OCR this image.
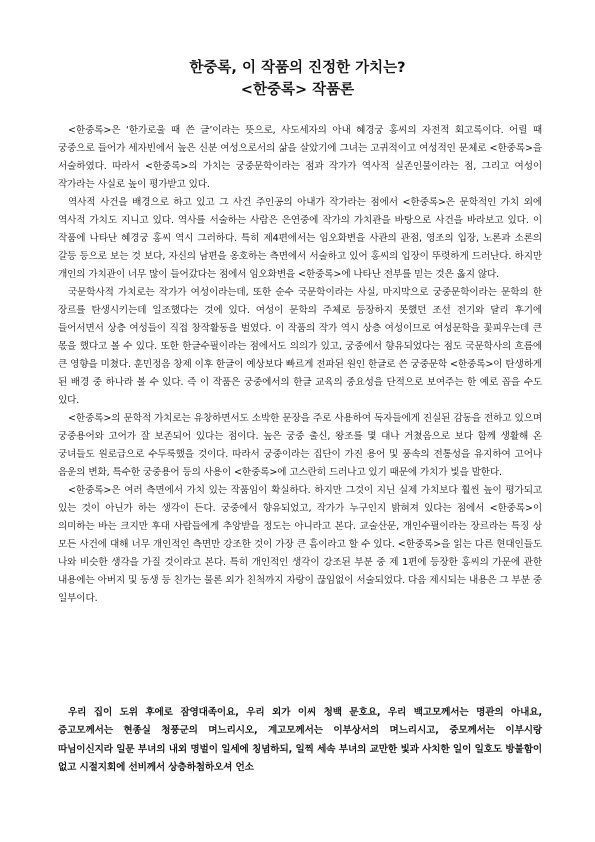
한중록, 이 작품의 진정한 가치는?
<한중록> 작품론

<한중록>은 ‘한가로울 때 쓴 글’이라는 뜻으로, 사도세자의 아내 혜경궁 홍씨의 자전적 회고록이다. 어릴 때 궁중으로 들어가 세자빈에서 높은 신분 여성으로서의 삶을 살았기에 그녀는 고귀적이고 여성적인 문체로 <한중록>을 서술하였다. 따라서 <한중록>의 가치는 궁중문학이라는 점과 작가가 역사적 실존인물이라는 점, 그리고 여성이 작가라는 사실로 높이 평가받고 있다.

역사적 사건을 배경으로 하고 있고 그 사건 주인공의 아내가 작가라는 점에서 <한중록>은 문학적인 가치 외에 역사적 가치도 지니고 있다. 역사를 서술하는 사람은 은연중에 작가의 가치관을 바탕으로 사건을 바라보고 있다. 이 작품에 나타난 혜경궁 홍씨 역시 그러하다. 특히 제4편에서는 임오화변을 사관의 관점, 영조의 입장, 노론과 소론의 갈등 등으로 보는 것 보다, 자신의 남편을 옹호하는 측면에서 서술하고 있어 홍씨의 입장이 뚜렷하게 드러난다. 하지만 개인의 가치관이 너무 많이 들어갔다는 점에서 임오화변을 <한중록>에 나타난 전부를 믿는 것은 옳지 않다.

국문학사적 가치로는 작가가 여성이라는데, 또한 순수 국문학이라는 사실, 마지막으로 궁중문학이라는 문학의 한 장르를 탄생시키는데 일조했다는 것에 있다. 여성이 문학의 주체로 등장하지 못했던 조선 전기와 달리 후기에 들어서면서 상층 여성들이 직접 창작활동을 벌였다. 이 작품의 작가 역시 상층 여성이므로 여성문학을 꽃피우는데 큰 몫을 했다고 볼 수 있다. 또한 한글수필이라는 점에서도 의의가 있고, 궁중에서 향유되었다는 점도 국문학사의 흐름에 큰 영향을 미쳤다. 훈민정음 창제 이후 한글이 예상보다 빠르게 전파된 원인 한글로 쓴 궁중문학 <한중록>이 탄생하게 된 배경 중 하나라 볼 수 있다. 즉 이 작품은 궁중에서의 한글 교육의 중요성을 단적으로 보여주는 한 예로 꼽을 수도 있다.

<한중록>의 문학적 가치로는 유창하면서도 소박한 문장을 주로 사용하여 독자들에게 진실된 감동을 전하고 있으며 궁중용어와 고어가 잘 보존되어 있다는 점이다. 높은 궁중 출신, 왕조를 몇 대나 거쳤음으로 보다 함께 생활해 온 궁녀들도 원로급으로 수두룩했을 것이다. 따라서 궁중이라는 집단이 가진 용어 및 풍속의 전통성을 유지하여 고어나 음운의 변화, 특수한 궁중용어 등의 사용이 <한중록>에 고스란히 드러나고 있기 때문에 가치가 빛을 발한다.

<한중록>은 여러 측면에서 가치 있는 작품임이 확실하다. 하지만 그것이 지닌 실제 가치보다 훨씬 높이 평가되고 있는 것이 아닌가 하는 생각이 든다. 궁중에서 향유되었고, 작가가 누구인지 밝혀져 있다는 점에서 <한중록>이 의미하는 바는 크지만 후대 사람들에게 추앙받을 정도는 아니라고 본다. 교술산문, 개인수필이라는 장르라는 특징 상 모든 사건에 대해 너무 개인적인 측면만 강조한 것이 가장 큰 흠이라고 할 수 있다. <한중록>을 읽는 다른 현대인들도 나와 비슷한 생각을 가질 것이라고 본다. 특히 개인적인 생각이 강조된 부분 중 제 1편에 등장한 홍씨의 가문에 관한 내용에는 아버지 및 동생 등 친가는 물론 외가 친척까지 자랑이 끊임없이 서술되었다. 다음 제시되는 내용은 그 부분 중 일부이다.

우리 집이 도위 후에로 잠영대족이요, 우리 외가 이씨 청백 문호요, 우리 백고모께서는 명관의 아내요, 증고모께서는 현종실 청풍군의 며느리시오, 계고모께서는 이부상서의 며느리시고, 중모께서는 이부시랑 따님이신지라 일문 부녀의 내외 명벌이 일세에 칭념하되, 일찍 세속 부녀의 교만한 빛과 사치한 일이 일호도 방불함이 없고 시절지회에 선비께서 상층하첨하오셔 언소
